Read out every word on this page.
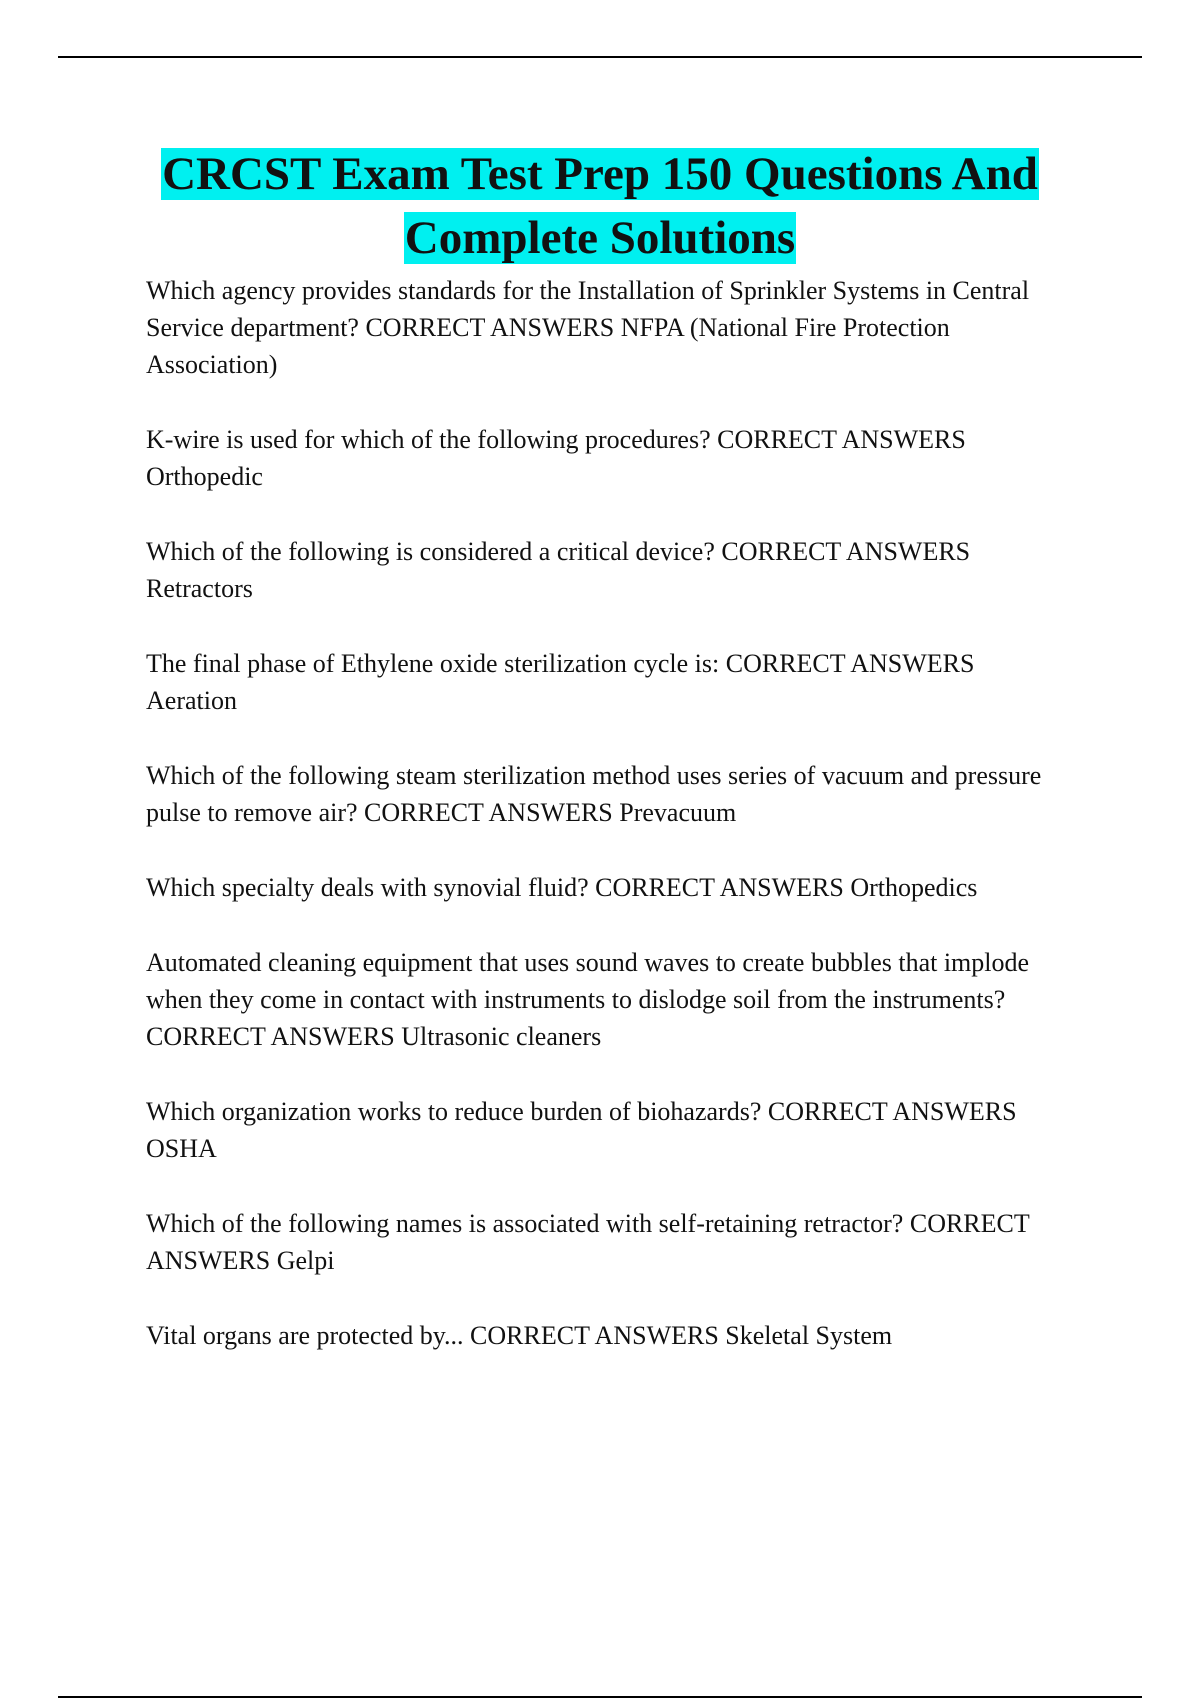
CRCST Exam Test Prep 150 Questions And Complete Solutions
Which agency provides standards for the Installation of Sprinkler Systems in Central Service department? CORRECT ANSWERS NFPA (National Fire Protection Association)
K-wire is used for which of the following procedures? CORRECT ANSWERS Orthopedic
Which of the following is considered a critical device? CORRECT ANSWERS Retractors
The final phase of Ethylene oxide sterilization cycle is: CORRECT ANSWERS Aeration
Which of the following steam sterilization method uses series of vacuum and pressure pulse to remove air? CORRECT ANSWERS Prevacuum
Which specialty deals with synovial fluid? CORRECT ANSWERS Orthopedics
Automated cleaning equipment that uses sound waves to create bubbles that implode when they come in contact with instruments to dislodge soil from the instruments? CORRECT ANSWERS Ultrasonic cleaners
Which organization works to reduce burden of biohazards? CORRECT ANSWERS OSHA
Which of the following names is associated with self-retaining retractor? CORRECT ANSWERS Gelpi
Vital organs are protected by... CORRECT ANSWERS Skeletal System
